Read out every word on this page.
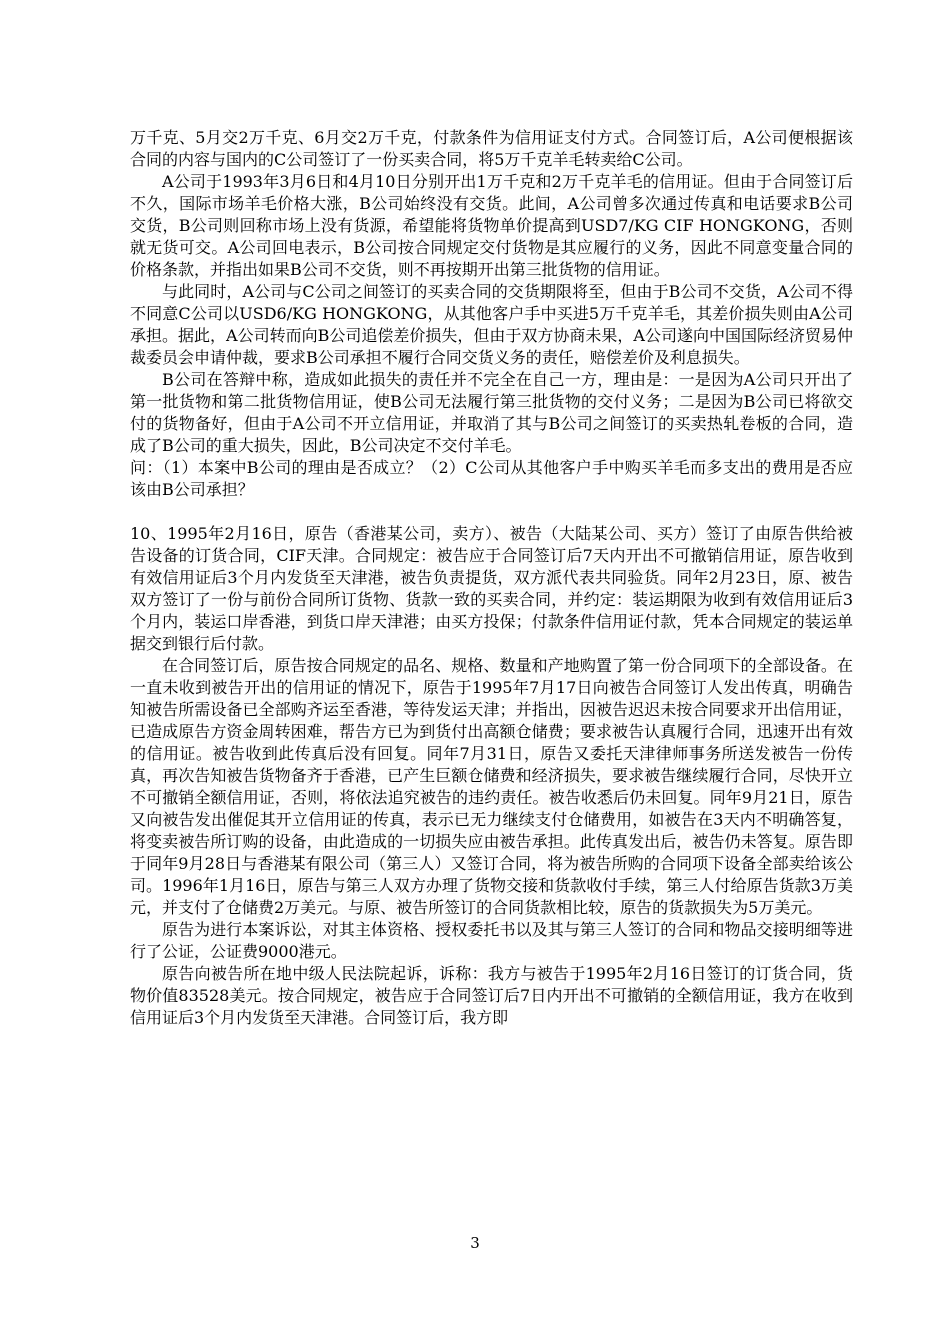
万千克、5月交2万千克、6月交2万千克，付款条件为信用证支付方式。合同签订后，A公司便根据该合同的内容与国内的C公司签订了一份买卖合同，将5万千克羊毛转卖给C公司。

A公司于1993年3月6日和4月10日分别开出1万千克和2万千克羊毛的信用证。但由于合同签订后不久，国际市场羊毛价格大涨，B公司始终没有交货。此间，A公司曾多次通过传真和电话要求B公司交货，B公司则回称市场上没有货源，希望能将货物单价提高到USD7/KG CIF HONGKONG，否则就无货可交。A公司回电表示，B公司按合同规定交付货物是其应履行的义务，因此不同意变量合同的价格条款，并指出如果B公司不交货，则不再按期开出第三批货物的信用证。

与此同时，A公司与C公司之间签订的买卖合同的交货期限将至，但由于B公司不交货，A公司不得不同意C公司以USD6/KG HONGKONG，从其他客户手中买进5万千克羊毛，其差价损失则由A公司承担。据此，A公司转而向B公司追偿差价损失，但由于双方协商未果，A公司遂向中国国际经济贸易仲裁委员会申请仲裁，要求B公司承担不履行合同交货义务的责任，赔偿差价及利息损失。

B公司在答辩中称，造成如此损失的责任并不完全在自己一方，理由是：一是因为A公司只开出了第一批货物和第二批货物信用证，使B公司无法履行第三批货物的交付义务；二是因为B公司已将欲交付的货物备好，但由于A公司不开立信用证，并取消了其与B公司之间签订的买卖热轧卷板的合同，造成了B公司的重大损失，因此，B公司决定不交付羊毛。

问：（1）本案中B公司的理由是否成立？（2）C公司从其他客户手中购买羊毛而多支出的费用是否应该由B公司承担？

10、1995年2月16日，原告（香港某公司，卖方）、被告（大陆某公司、买方）签订了由原告供给被告设备的订货合同，CIF天津。合同规定：被告应于合同签订后7天内开出不可撤销信用证，原告收到有效信用证后3个月内发货至天津港，被告负责提货，双方派代表共同验货。同年2月23日，原、被告双方签订了一份与前份合同所订货物、货款一致的买卖合同，并约定：装运期限为收到有效信用证后3个月内，装运口岸香港，到货口岸天津港；由买方投保；付款条件信用证付款，凭本合同规定的装运单据交到银行后付款。

在合同签订后，原告按合同规定的品名、规格、数量和产地购置了第一份合同项下的全部设备。在一直未收到被告开出的信用证的情况下，原告于1995年7月17日向被告合同签订人发出传真，明确告知被告所需设备已全部购齐运至香港，等待发运天津；并指出，因被告迟迟未按合同要求开出信用证，已造成原告方资金周转困难，帮告方已为到货付出高额仓储费；要求被告认真履行合同，迅速开出有效的信用证。被告收到此传真后没有回复。同年7月31日，原告又委托天津律师事务所送发被告一份传真，再次告知被告货物备齐于香港，已产生巨额仓储费和经济损失，要求被告继续履行合同，尽快开立不可撤销全额信用证，否则，将依法追究被告的违约责任。被告收悉后仍未回复。同年9月21日，原告又向被告发出催促其开立信用证的传真，表示已无力继续支付仓储费用，如被告在3天内不明确答复，将变卖被告所订购的设备，由此造成的一切损失应由被告承担。此传真发出后，被告仍未答复。原告即于同年9月28日与香港某有限公司（第三人）又签订合同，将为被告所购的合同项下设备全部卖给该公司。1996年1月16日，原告与第三人双方办理了货物交接和货款收付手续，第三人付给原告货款3万美元，并支付了仓储费2万美元。与原、被告所签订的合同货款相比较，原告的货款损失为5万美元。

原告为进行本案诉讼，对其主体资格、授权委托书以及其与第三人签订的合同和物品交接明细等进行了公证，公证费9000港元。

原告向被告所在地中级人民法院起诉，诉称：我方与被告于1995年2月16日签订的订货合同，货物价值83528美元。按合同规定，被告应于合同签订后7日内开出不可撤销的全额信用证，我方在收到信用证后3个月内发货至天津港。合同签订后，我方即

3
